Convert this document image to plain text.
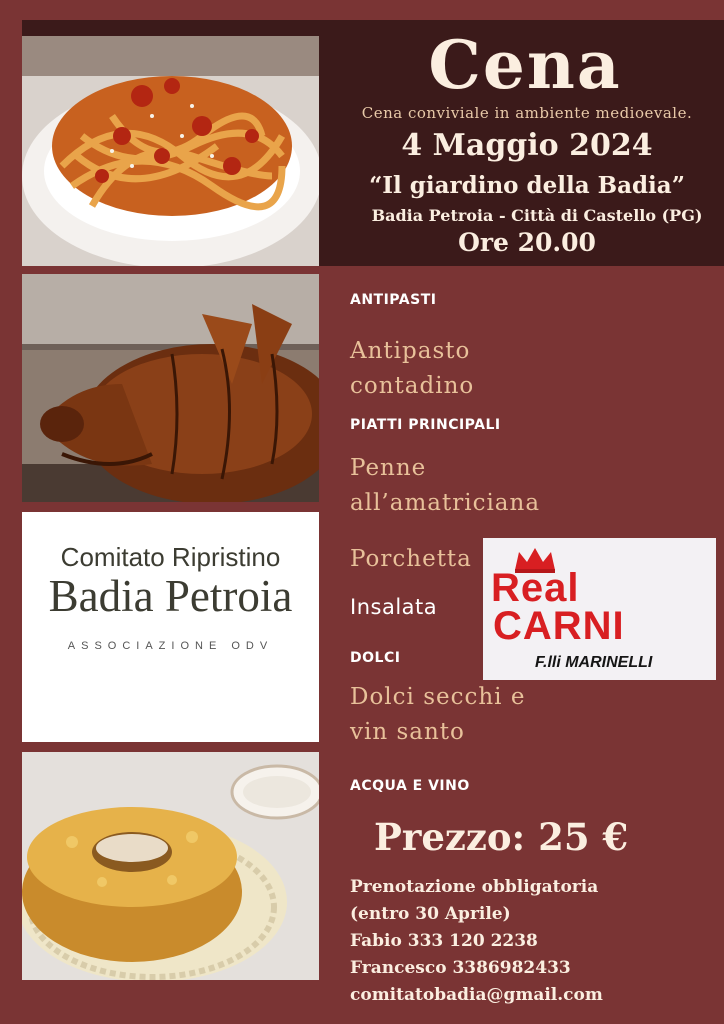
Comitato Ripristino
Badia Petroia
ASSOCIAZIONE ODV
Cena
Cena conviviale in ambiente medioevale.
4 Maggio 2024
“Il giardino della Badia”
Badia Petroia - Città di Castello (PG)
Ore 20.00
ANTIPASTI
Antipasto
contadino
PIATTI PRINCIPALI
Penne
all’amatriciana
Porchetta
Insalata
DOLCI
Dolci secchi e
vin santo
ACQUA E VINO
Prezzo: 25 €
Prenotazione obbligatoria
(entro 30 Aprile)
Fabio 333 120 2238
Francesco 3386982433
comitatobadia@gmail.com
Real
CARNI
F.lli MARINELLI
